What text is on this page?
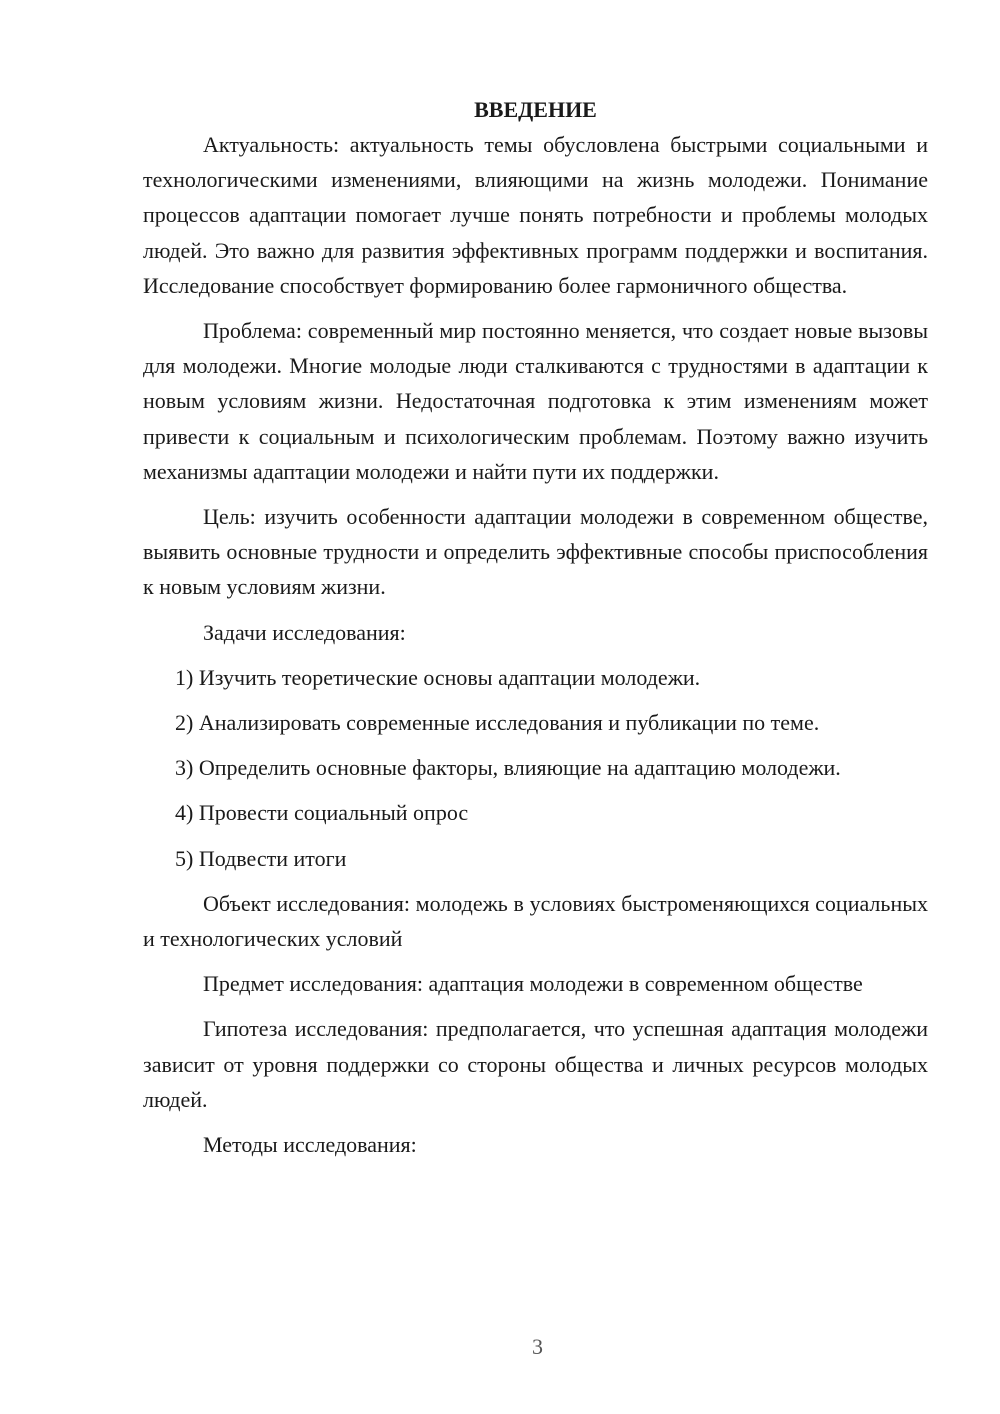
ВВЕДЕНИЕ

Актуальность: актуальность темы обусловлена быстрыми социальными и технологическими изменениями, влияющими на жизнь молодежи. Понимание процессов адаптации помогает лучше понять потребности и проблемы молодых людей. Это важно для развития эффективных программ поддержки и воспитания. Исследование способствует формированию более гармоничного общества.

Проблема: современный мир постоянно меняется, что создает новые вызовы для молодежи. Многие молодые люди сталкиваются с трудностями в адаптации к новым условиям жизни. Недостаточная подготовка к этим изменениям может привести к социальным и психологическим проблемам. Поэтому важно изучить механизмы адаптации молодежи и найти пути их поддержки.

Цель: изучить особенности адаптации молодежи в современном обществе, выявить основные трудности и определить эффективные способы приспособления к новым условиям жизни.

Задачи исследования:

1) Изучить теоретические основы адаптации молодежи.

2) Анализировать современные исследования и публикации по теме.

3) Определить основные факторы, влияющие на адаптацию молодежи.

4) Провести социальный опрос

5) Подвести итоги

Объект исследования: молодежь в условиях быстроменяющихся социальных и технологических условий

Предмет исследования: адаптация молодежи в современном обществе

Гипотеза исследования: предполагается, что успешная адаптация молодежи зависит от уровня поддержки со стороны общества и личных ресурсов молодых людей.

Методы исследования:

3
